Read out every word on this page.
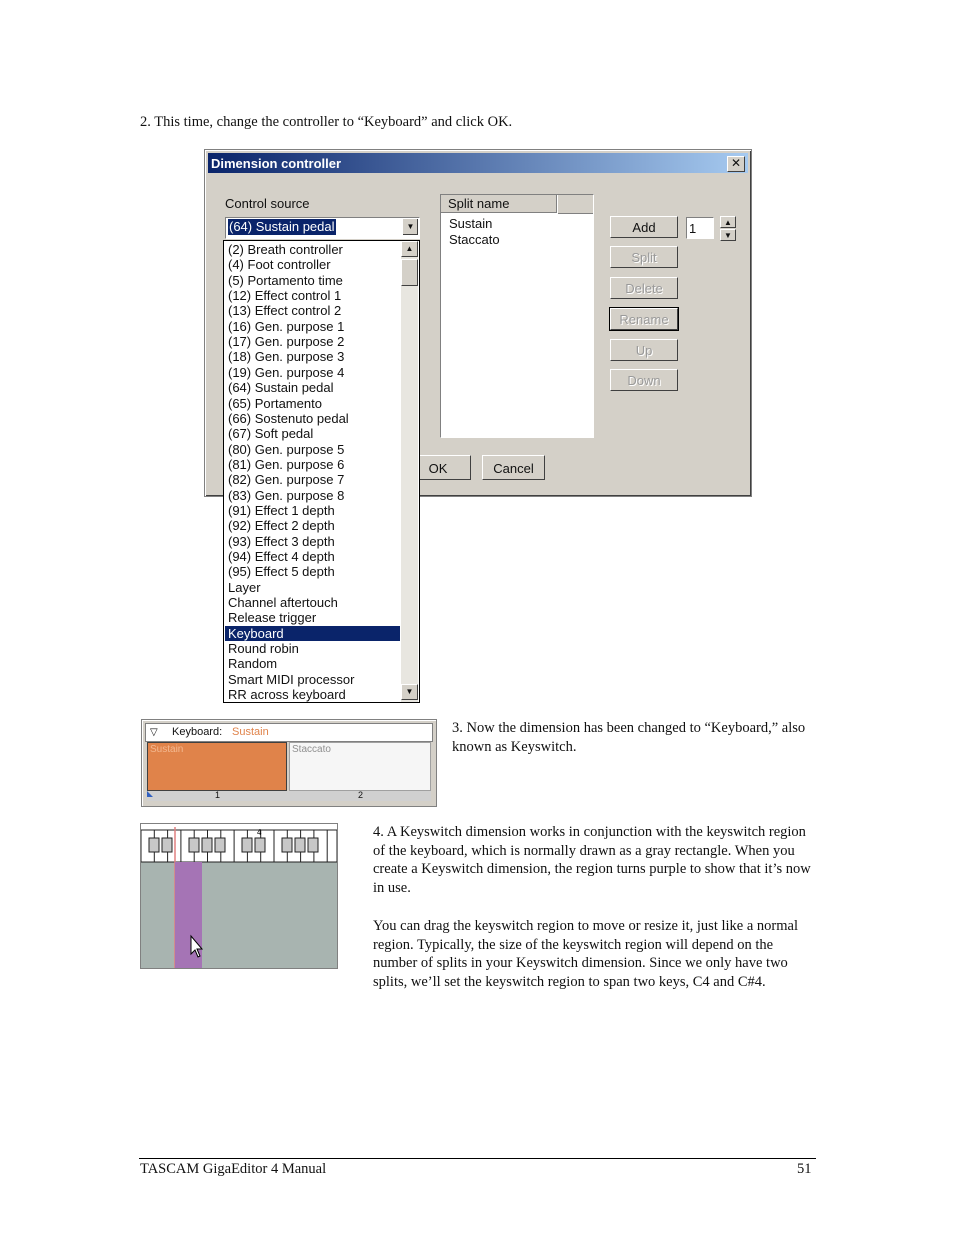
2. This time, change the controller to “Keyboard” and click OK.
Dimension controller	✕
Control source
(64) Sustain pedal	▼
Split name
Sustain
Staccato
Add
Split
Delete
Rename
Up
Down
1	▲
▼
OK	Cancel
(2) Breath controller
(4) Foot controller
(5) Portamento time
(12) Effect control 1
(13) Effect control 2
(16) Gen. purpose 1
(17) Gen. purpose 2
(18) Gen. purpose 3
(19) Gen. purpose 4
(64) Sustain pedal
(65) Portamento
(66) Sostenuto pedal
(67) Soft pedal
(80) Gen. purpose 5
(81) Gen. purpose 6
(82) Gen. purpose 7
(83) Gen. purpose 8
(91) Effect 1 depth
(92) Effect 2 depth
(93) Effect 3 depth
(94) Effect 4 depth
(95) Effect 5 depth
Layer
Channel aftertouch
Release trigger
Keyboard
Round robin
Random
Smart MIDI processor
RR across keyboard
▲
▼
▽ Keyboard: Sustain
Sustain	Staccato
1	2
3. Now the dimension has been changed to “Keyboard,” also known as Keyswitch.
4	4. A Keyswitch dimension works in conjunction with the keyswitch region of the keyboard, which is normally drawn as a gray rectangle. When you create a Keyswitch dimension, the region turns purple to show that it’s now in use.
You can drag the keyswitch region to move or resize it, just like a normal region. Typically, the size of the keyswitch region will depend on the number of splits in your Keyswitch dimension. Since we only have two splits, we’ll set the keyswitch region to span two keys, C4 and C#4.
TASCAM GigaEditor 4 Manual	51
